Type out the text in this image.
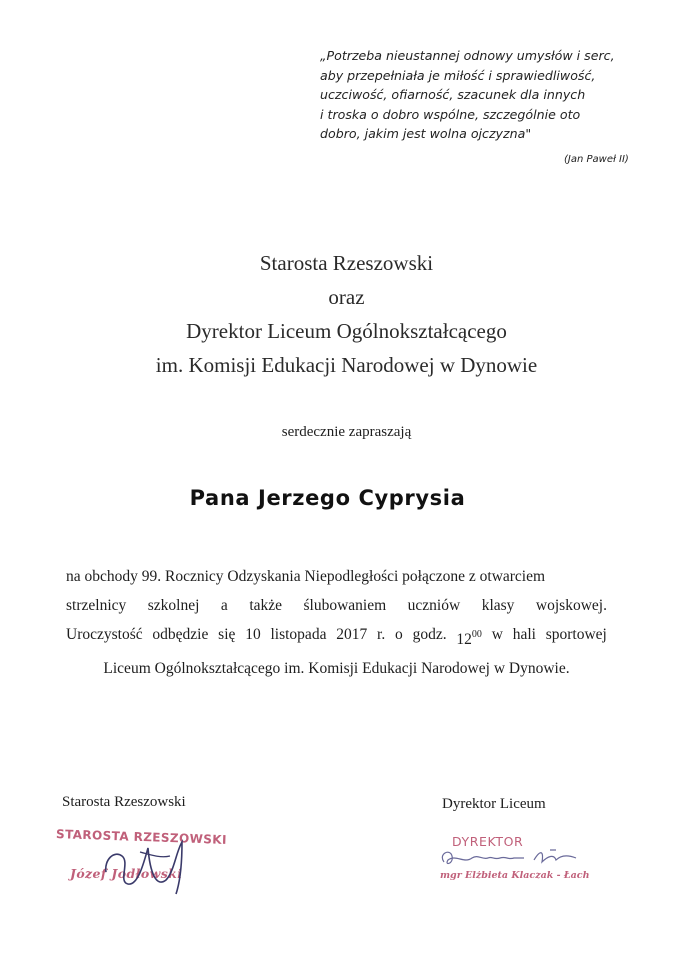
„Potrzeba nieustannej odnowy umysłów i serc,
aby przepełniała je miłość i sprawiedliwość,
uczciwość, ofiarność, szacunek dla innych
i troska o dobro wspólne, szczególnie oto
dobro, jakim jest wolna ojczyzna"
(Jan Paweł II)
Starosta Rzeszowski
oraz
Dyrektor Liceum Ogólnokształcącego
im. Komisji Edukacji Narodowej w Dynowie
serdecznie zapraszają
Pana Jerzego Cyprysia
na obchody 99. Rocznicy Odzyskania Niepodległości połączone z otwarciem
strzelnicy szkolnej a także ślubowaniem uczniów klasy wojskowej.
Uroczystość odbędzie się 10 listopada 2017 r. o godz. $12^{00}$ w hali sportowej
Liceum Ogólnokształcącego im. Komisji Edukacji Narodowej w Dynowie.
Starosta Rzeszowski
STAROSTA RZESZOWSKI
Józef Jodłowski
Dyrektor Liceum
DYREKTOR
mgr Elżbieta Klaczak - Łach
